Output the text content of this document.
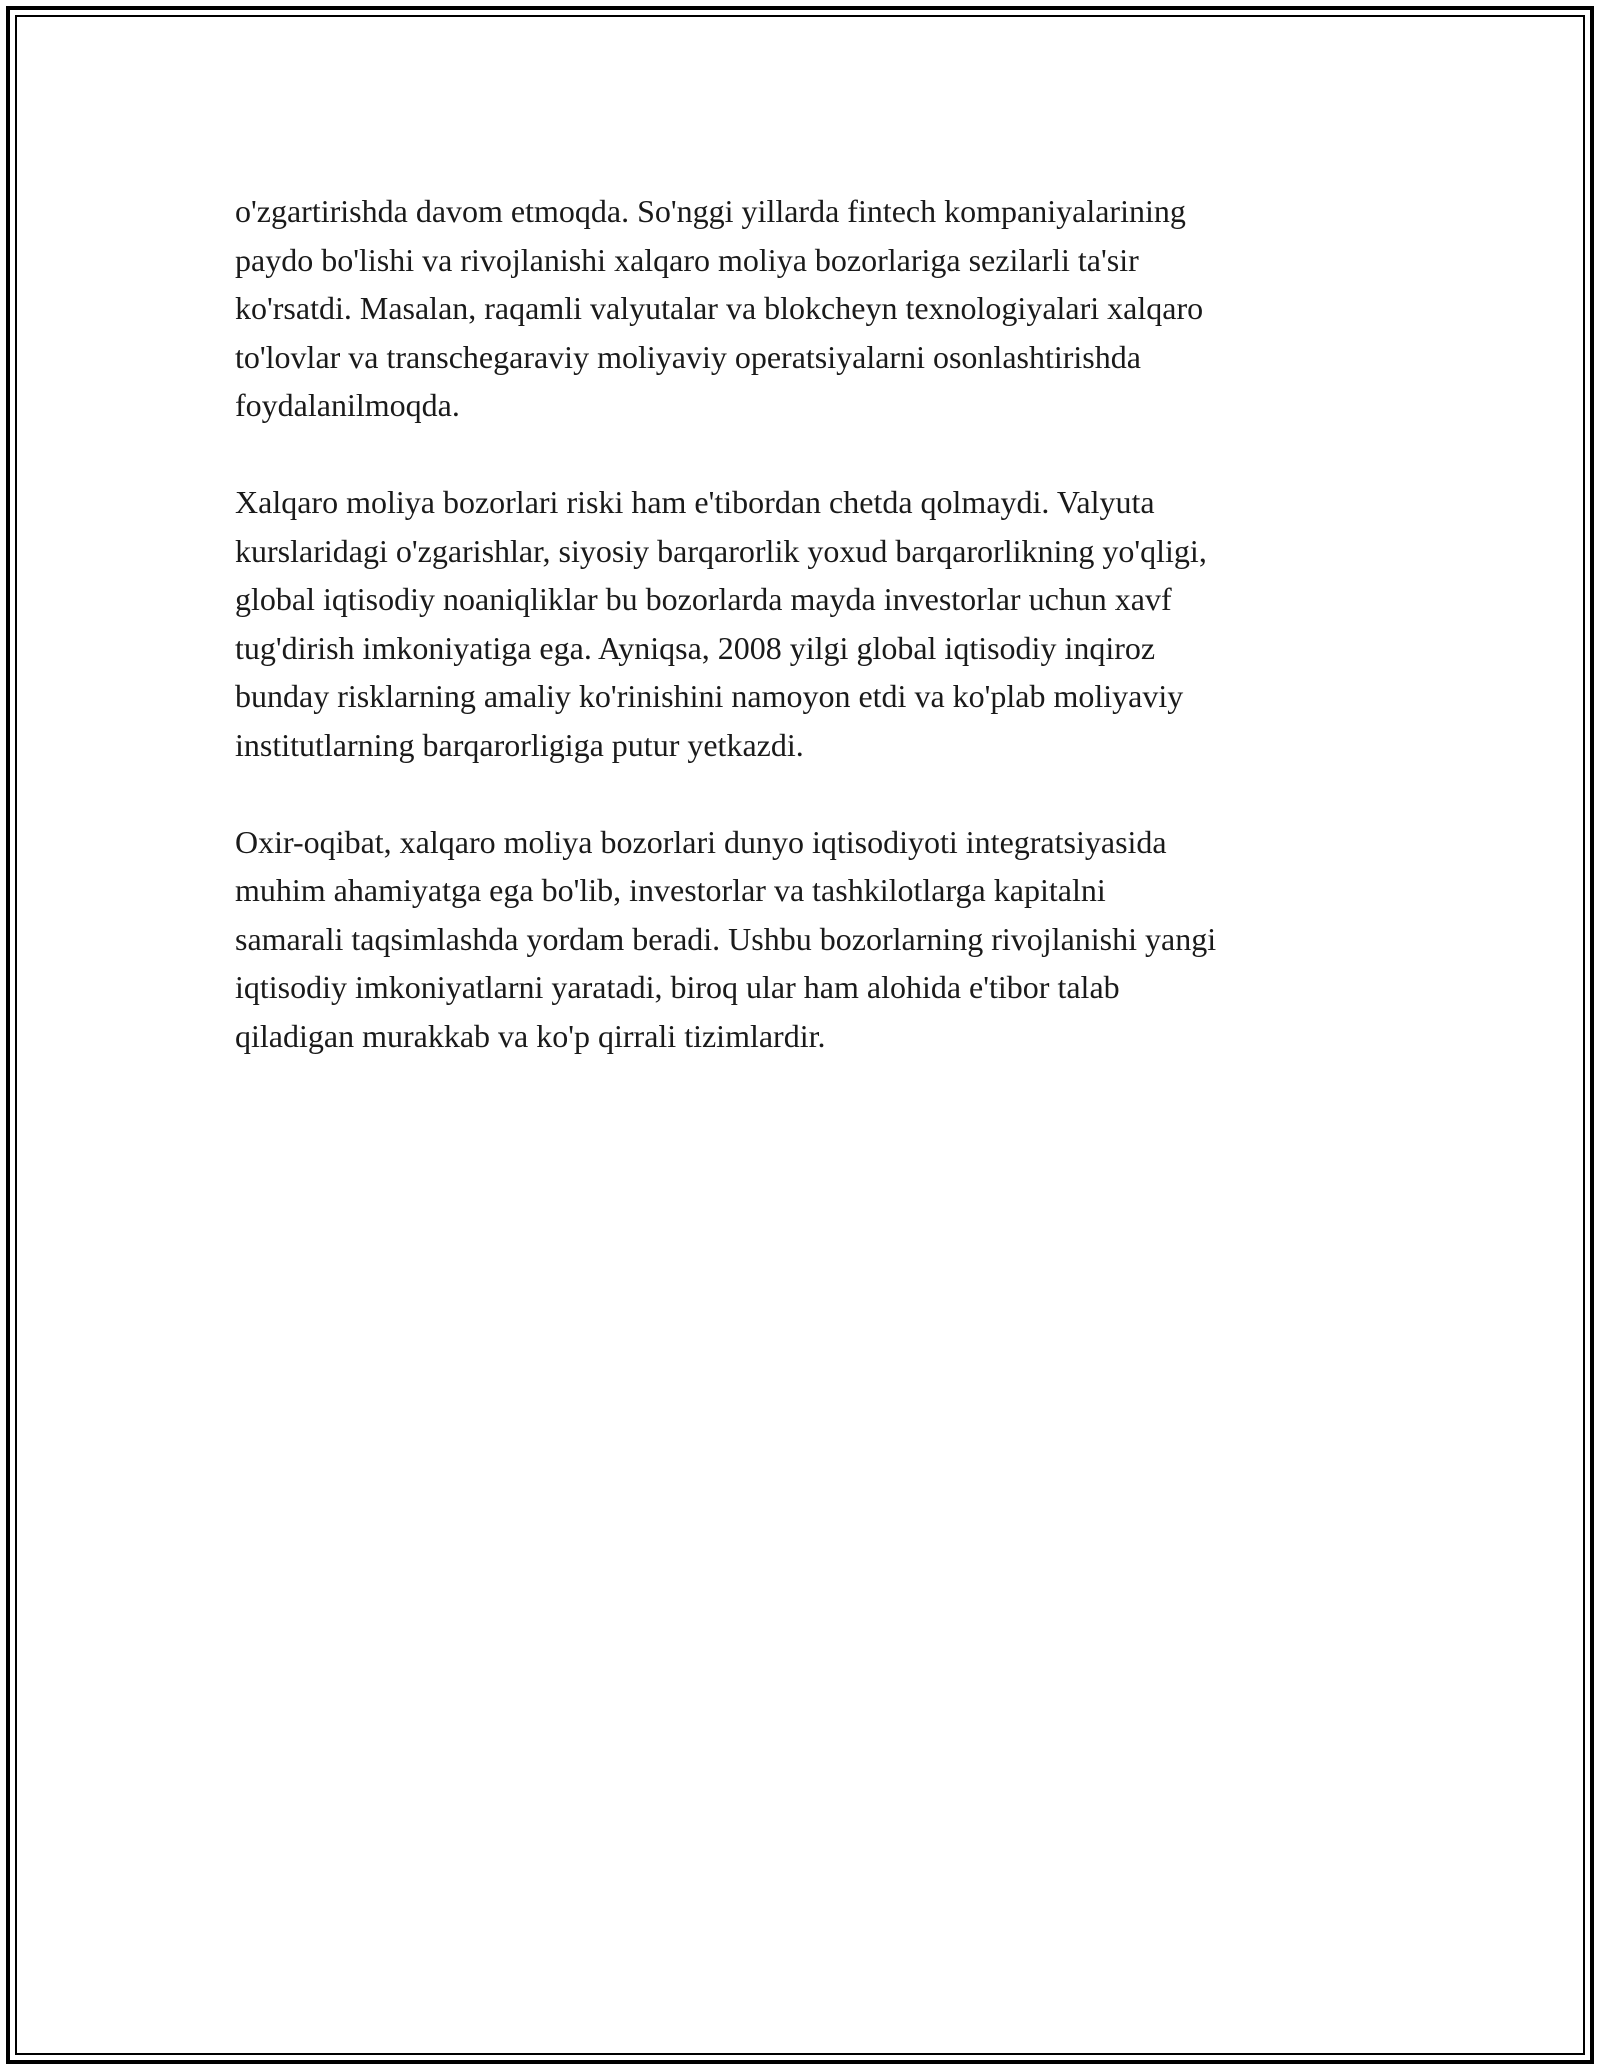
o'zgartirishda davom etmoqda. So'nggi yillarda fintech kompaniyalarining
paydo bo'lishi va rivojlanishi xalqaro moliya bozorlariga sezilarli ta'sir
ko'rsatdi. Masalan, raqamli valyutalar va blokcheyn texnologiyalari xalqaro
to'lovlar va transchegaraviy moliyaviy operatsiyalarni osonlashtirishda
foydalanilmoqda.

Xalqaro moliya bozorlari riski ham e'tibordan chetda qolmaydi. Valyuta
kurslaridagi o'zgarishlar, siyosiy barqarorlik yoxud barqarorlikning yo'qligi,
global iqtisodiy noaniqliklar bu bozorlarda mayda investorlar uchun xavf
tug'dirish imkoniyatiga ega. Ayniqsa, 2008 yilgi global iqtisodiy inqiroz
bunday risklarning amaliy ko'rinishini namoyon etdi va ko'plab moliyaviy
institutlarning barqarorligiga putur yetkazdi.

Oxir-oqibat, xalqaro moliya bozorlari dunyo iqtisodiyoti integratsiyasida
muhim ahamiyatga ega bo'lib, investorlar va tashkilotlarga kapitalni
samarali taqsimlashda yordam beradi. Ushbu bozorlarning rivojlanishi yangi
iqtisodiy imkoniyatlarni yaratadi, biroq ular ham alohida e'tibor talab
qiladigan murakkab va ko'p qirrali tizimlardir.
